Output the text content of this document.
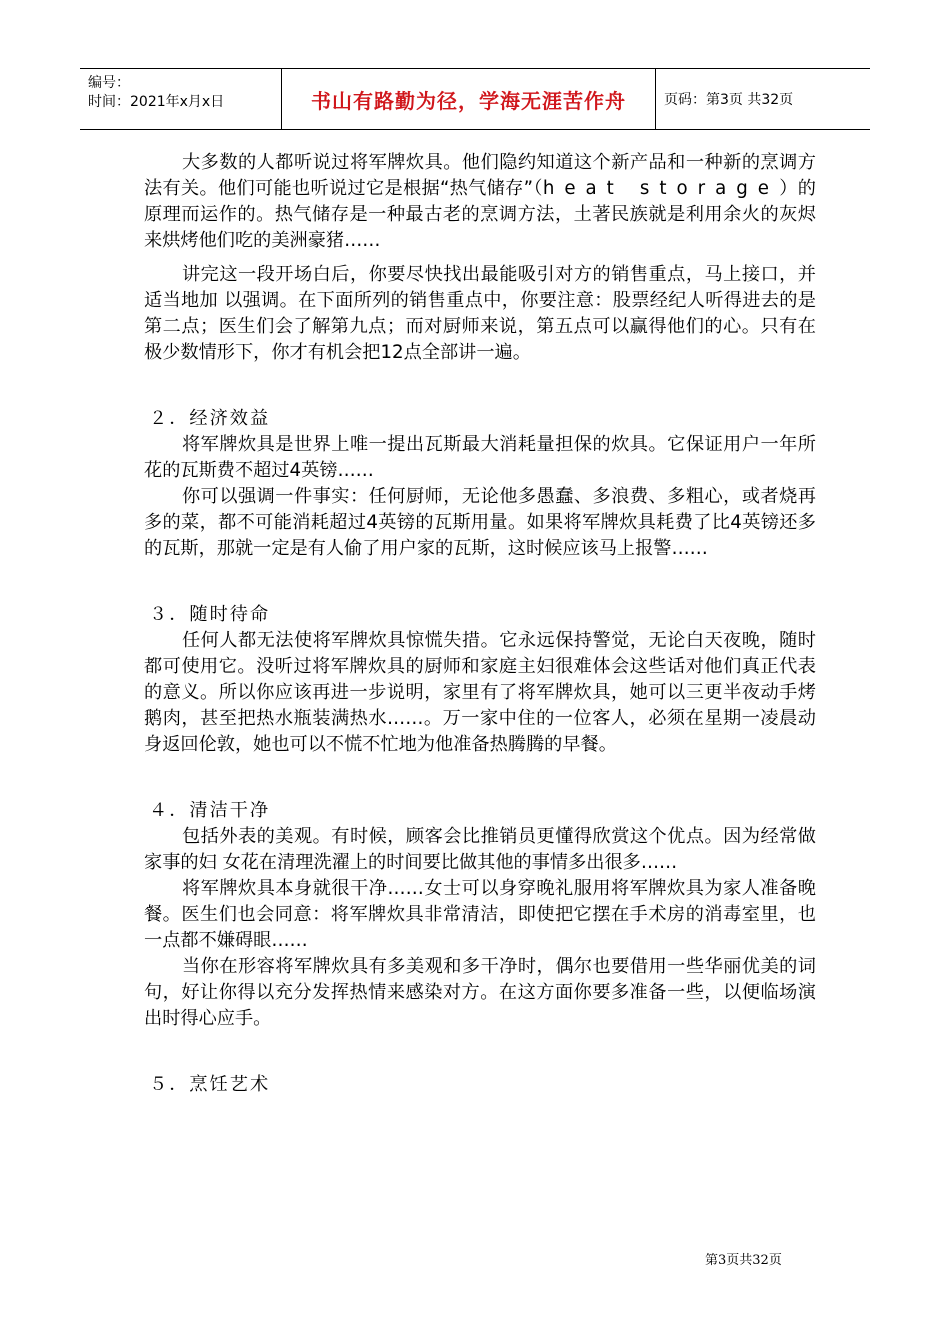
编号：
时间：2021年x月x日	书山有路勤为径，学海无涯苦作舟	页码：第3页 共32页

大多数的人都听说过将军牌炊具。他们隐约知道这个新产品和一种新的烹调方法有关。他们可能也听说过它是根据“热气储存”（heat storage）的原理而运作的。热气储存是一种最古老的烹调方法，土著民族就是利用余火的灰烬来烘烤他们吃的美洲豪猪……

讲完这一段开场白后，你要尽快找出最能吸引对方的销售重点，马上接口，并适当地加 以强调。在下面所列的销售重点中，你要注意：股票经纪人听得进去的是第二点；医生们会了解第九点；而对厨师来说，第五点可以赢得他们的心。只有在极少数情形下，你才有机会把12点全部讲一遍。

２．经济效益

将军牌炊具是世界上唯一提出瓦斯最大消耗量担保的炊具。它保证用户一年所花的瓦斯费不超过4英镑……

你可以强调一件事实：任何厨师，无论他多愚蠢、多浪费、多粗心，或者烧再多的菜，都不可能消耗超过4英镑的瓦斯用量。如果将军牌炊具耗费了比4英镑还多的瓦斯，那就一定是有人偷了用户家的瓦斯，这时候应该马上报警……

３．随时待命

任何人都无法使将军牌炊具惊慌失措。它永远保持警觉，无论白天夜晚，随时都可使用它。没听过将军牌炊具的厨师和家庭主妇很难体会这些话对他们真正代表的意义。所以你应该再进一步说明，家里有了将军牌炊具，她可以三更半夜动手烤鹅肉，甚至把热水瓶装满热水……。万一家中住的一位客人，必须在星期一凌晨动身返回伦敦，她也可以不慌不忙地为他准备热腾腾的早餐。

４．清洁干净

包括外表的美观。有时候，顾客会比推销员更懂得欣赏这个优点。因为经常做家事的妇 女花在清理洗濯上的时间要比做其他的事情多出很多……

将军牌炊具本身就很干净……女士可以身穿晚礼服用将军牌炊具为家人准备晚餐。医生们也会同意：将军牌炊具非常清洁，即使把它摆在手术房的消毒室里，也一点都不嫌碍眼……

当你在形容将军牌炊具有多美观和多干净时，偶尔也要借用一些华丽优美的词句，好让你得以充分发挥热情来感染对方。在这方面你要多准备一些，以便临场演出时得心应手。

５．烹饪艺术

第3页共32页
